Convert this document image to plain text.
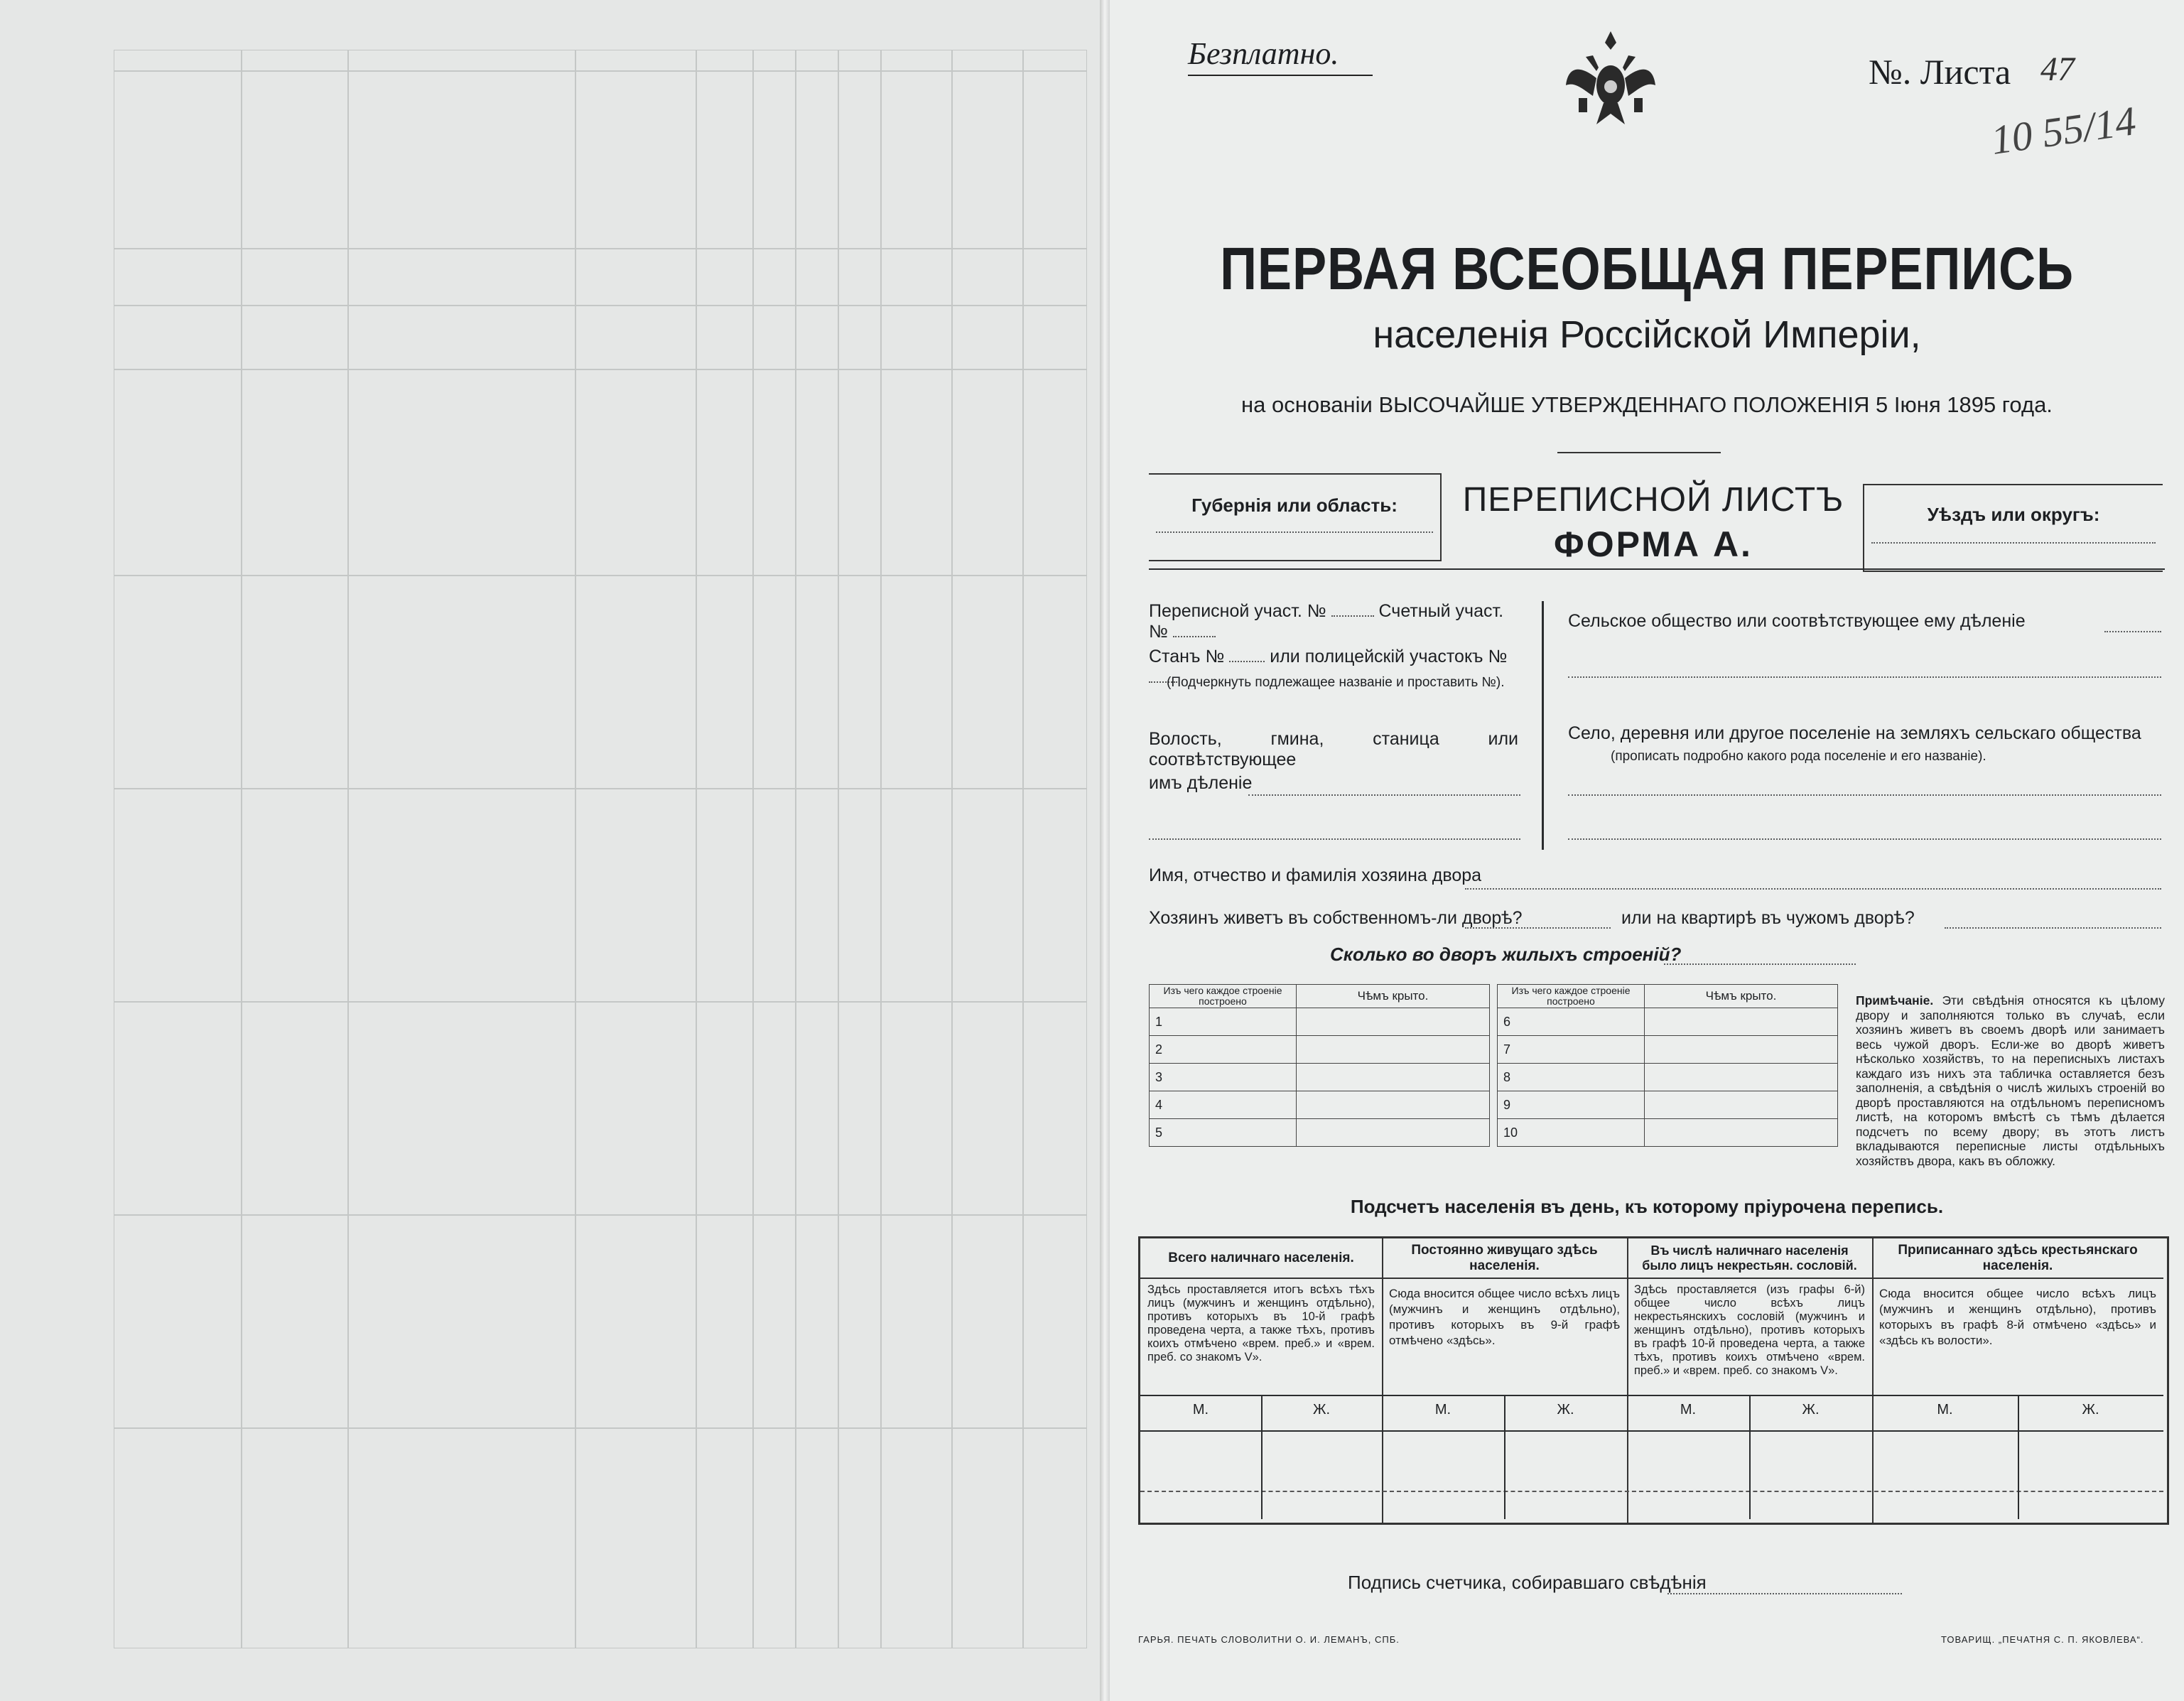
Безплатно.	№. Листа 47
10 55/14
ПЕРВАЯ ВСЕОБЩАЯ ПЕРЕПИСЬ
населенія Россійской Имперіи,
на основаніи ВЫСОЧАЙШЕ УТВЕРЖДЕННАГО ПОЛОЖЕНІЯ 5 Іюня 1895 года.
Губернія или область:	ПЕРЕПИСНОЙ ЛИСТЪ
ФОРМА А.
Уѣздъ или округъ:
Переписной участ. №	Счетный участ. №
Станъ №	или полицейскій участокъ №
(Подчеркнуть подлежащее названіе и проставить №).
Волость, гмина, станица или соотвѣтствующее
имъ дѣленіе
Сельское общество или соотвѣтствующее ему дѣленіе
Село, деревня или другое поселеніе на земляхъ сельскаго общества
(прописать подробно какого рода поселеніе и его названіе).
Имя, отчество и фамилія хозяина двора
Хозяинъ живетъ въ собственномъ-ли дворѣ?	или на квартирѣ въ чужомъ дворѣ?
Сколько во дворъ жилыхъ строеній?
Изъ чего каждое строеніе построено	Чѣмъ крыто.
1	
2	
3	
4	
5	
Изъ чего каждое строеніе построено	Чѣмъ крыто.
6	
7	
8	
9	
10	
Примѣчаніе. Эти свѣдѣнія относятся къ цѣлому двору и заполняются только въ случаѣ, если хозяинъ живетъ въ своемъ дворѣ или занимаетъ весь чужой дворъ. Если-же во дворѣ живетъ нѣсколько хозяйствъ, то на переписныхъ листахъ каждаго изъ нихъ эта табличка оставляется безъ заполненія, а свѣдѣнія о числѣ жилыхъ строеній во дворѣ проставляются на отдѣльномъ переписномъ листѣ, на которомъ вмѣстѣ съ тѣмъ дѣлается подсчетъ по всему двору; въ этотъ листъ вкладываются переписные листы отдѣльныхъ хозяйствъ двора, какъ въ обложку.
Подсчетъ населенія въ день, къ которому пріурочена перепись.
Всего наличнаго населенія.
Здѣсь проставляется итогъ всѣхъ тѣхъ лицъ (мужчинъ и женщинъ отдѣльно), противъ которыхъ въ 10-й графѣ проведена черта, а также тѣхъ, противъ коихъ отмѣчено «врем. преб.» и «врем. преб. со знакомъ V».
Постоянно живущаго здѣсь населенія.
Сюда вносится общее число всѣхъ лицъ (мужчинъ и женщинъ отдѣльно), противъ которыхъ въ 9-й графѣ отмѣчено «здѣсь».
Въ числѣ наличнаго населенія было лицъ некрестьян. сословій.
Здѣсь проставляется (изъ графы 6-й) общее число всѣхъ лицъ некрестьянскихъ сословій (мужчинъ и женщинъ отдѣльно), противъ которыхъ въ графѣ 10-й проведена черта, а также тѣхъ, противъ коихъ отмѣчено «врем. преб.» и «врем. преб. со знакомъ V».
Приписаннаго здѣсь крестьянскаго населенія.
Сюда вносится общее число всѣхъ лицъ (мужчинъ и женщинъ отдѣльно), противъ которыхъ въ графѣ 8-й отмѣчено «здѣсь» и «здѣсь къ волости».
М.	Ж.	М.	Ж.	М.	Ж.	М.	Ж.
Подпись счетчика, собиравшаго свѣдѣнія
ГАРЬЯ. ПЕЧАТЬ СЛОВОЛИТНИ О. И. ЛЕМАНЪ, СПБ.	ТОВАРИЩ. „ПЕЧАТНЯ С. П. ЯКОВЛЕВА“.
